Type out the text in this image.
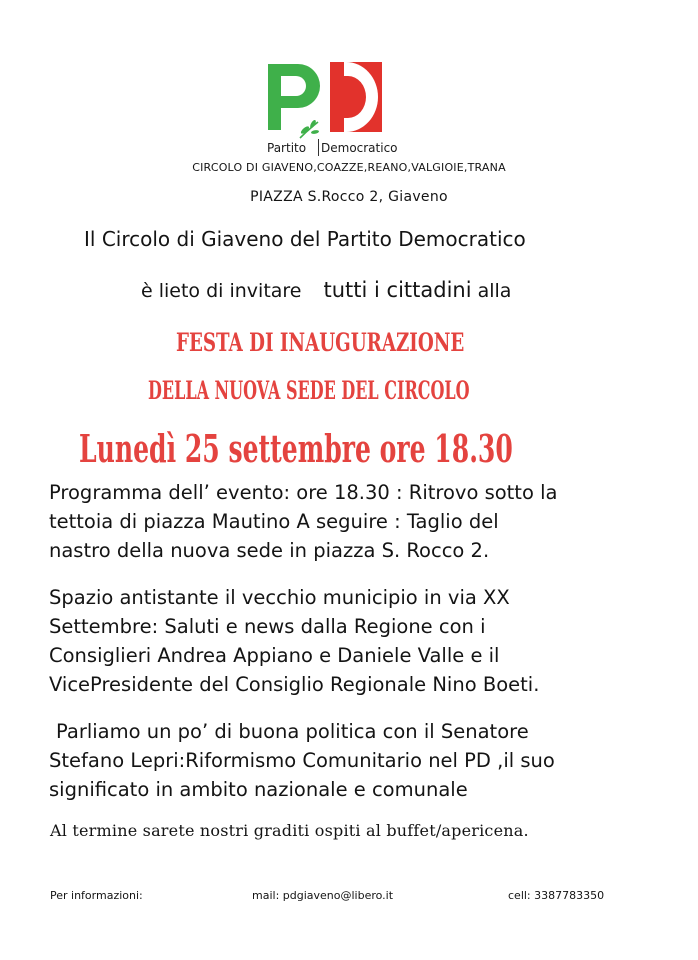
Partito Democratico
CIRCOLO DI GIAVENO,COAZZE,REANO,VALGIOIE,TRANA
PIAZZA S.Rocco 2, Giaveno
Il Circolo di Giaveno del Partito Democratico
è lieto di invitare tutti i cittadini alla
FESTA DI INAUGURAZIONE
DELLA NUOVA SEDE DEL CIRCOLO
Lunedì 25 settembre ore 18.30
Programma dell’ evento: ore 18.30 : Ritrovo sotto la
tettoia di piazza Mautino A seguire : Taglio del
nastro della nuova sede in piazza S. Rocco 2.
Spazio antistante il vecchio municipio in via XX
Settembre: Saluti e news dalla Regione con i
Consiglieri Andrea Appiano e Daniele Valle e il
VicePresidente del Consiglio Regionale Nino Boeti.
Parliamo un po’ di buona politica con il Senatore
Stefano Lepri:Riformismo Comunitario nel PD ,il suo
significato in ambito nazionale e comunale
Al termine sarete nostri graditi ospiti al buffet/apericena.
Per informazioni:	mail: pdgiaveno@libero.it	cell: 3387783350
